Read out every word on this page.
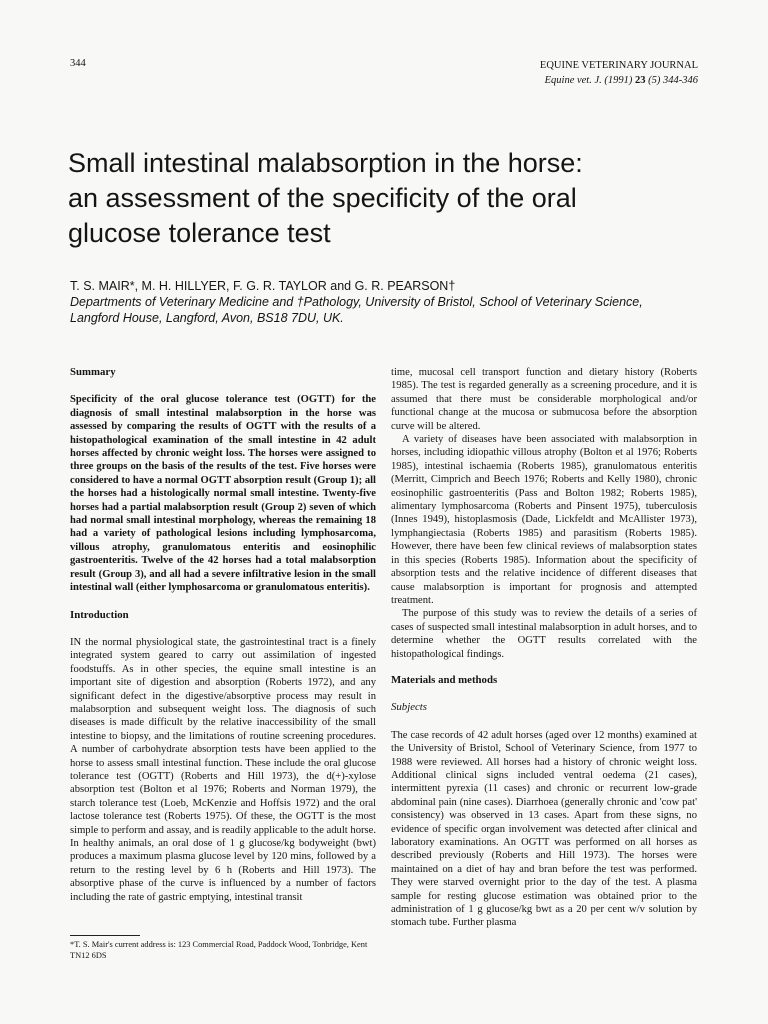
344	EQUINE VETERINARY JOURNAL
Equine vet. J. (1991) 23 (5) 344-346
Small intestinal malabsorption in the horse:
an assessment of the specificity of the oral
glucose tolerance test
T. S. MAIR*, M. H. HILLYER, F. G. R. TAYLOR and G. R. PEARSON†
Departments of Veterinary Medicine and †Pathology, University of Bristol, School of Veterinary Science,
Langford House, Langford, Avon, BS18 7DU, UK.
Summary

Specificity of the oral glucose tolerance test (OGTT) for the diagnosis of small intestinal malabsorption in the horse was assessed by comparing the results of OGTT with the results of a histopathological examination of the small intestine in 42 adult horses affected by chronic weight loss. The horses were assigned to three groups on the basis of the results of the test. Five horses were considered to have a normal OGTT absorption result (Group 1); all the horses had a histologically normal small intestine. Twenty-five horses had a partial malabsorption result (Group 2) seven of which had normal small intestinal morphology, whereas the remaining 18 had a variety of pathological lesions including lymphosarcoma, villous atrophy, granulomatous enteritis and eosinophilic gastroenteritis. Twelve of the 42 horses had a total malabsorption result (Group 3), and all had a severe infiltrative lesion in the small intestinal wall (either lymphosarcoma or granulomatous enteritis).

Introduction

IN the normal physiological state, the gastrointestinal tract is a finely integrated system geared to carry out assimilation of ingested foodstuffs. As in other species, the equine small intestine is an important site of digestion and absorption (Roberts 1972), and any significant defect in the digestive/absorptive process may result in malabsorption and subsequent weight loss. The diagnosis of such diseases is made difficult by the relative inaccessibility of the small intestine to biopsy, and the limitations of routine screening procedures. A number of carbohydrate absorption tests have been applied to the horse to assess small intestinal function. These include the oral glucose tolerance test (OGTT) (Roberts and Hill 1973), the d(+)-xylose absorption test (Bolton et al 1976; Roberts and Norman 1979), the starch tolerance test (Loeb, McKenzie and Hoffsis 1972) and the oral lactose tolerance test (Roberts 1975). Of these, the OGTT is the most simple to perform and assay, and is readily applicable to the adult horse. In healthy animals, an oral dose of 1 g glucose/kg bodyweight (bwt) produces a maximum plasma glucose level by 120 mins, followed by a return to the resting level by 6 h (Roberts and Hill 1973). The absorptive phase of the curve is influenced by a number of factors including the rate of gastric emptying, intestinal transit

*T. S. Mair's current address is: 123 Commercial Road, Paddock Wood, Tonbridge, Kent TN12 6DS

time, mucosal cell transport function and dietary history (Roberts 1985). The test is regarded generally as a screening procedure, and it is assumed that there must be considerable morphological and/or functional change at the mucosa or submucosa before the absorption curve will be altered.

A variety of diseases have been associated with malabsorption in horses, including idiopathic villous atrophy (Bolton et al 1976; Roberts 1985), intestinal ischaemia (Roberts 1985), granulomatous enteritis (Merritt, Cimprich and Beech 1976; Roberts and Kelly 1980), chronic eosinophilic gastroenteritis (Pass and Bolton 1982; Roberts 1985), alimentary lymphosarcoma (Roberts and Pinsent 1975), tuberculosis (Innes 1949), histoplasmosis (Dade, Lickfeldt and McAllister 1973), lymphangiectasia (Roberts 1985) and parasitism (Roberts 1985). However, there have been few clinical reviews of malabsorption states in this species (Roberts 1985). Information about the specificity of absorption tests and the relative incidence of different diseases that cause malabsorption is important for prognosis and attempted treatment.

The purpose of this study was to review the details of a series of cases of suspected small intestinal malabsorption in adult horses, and to determine whether the OGTT results correlated with the histopathological findings.

Materials and methods
Subjects

The case records of 42 adult horses (aged over 12 months) examined at the University of Bristol, School of Veterinary Science, from 1977 to 1988 were reviewed. All horses had a history of chronic weight loss. Additional clinical signs included ventral oedema (21 cases), intermittent pyrexia (11 cases) and chronic or recurrent low-grade abdominal pain (nine cases). Diarrhoea (generally chronic and 'cow pat' consistency) was observed in 13 cases. Apart from these signs, no evidence of specific organ involvement was detected after clinical and laboratory examinations. An OGTT was performed on all horses as described previously (Roberts and Hill 1973). The horses were maintained on a diet of hay and bran before the test was performed. They were starved overnight prior to the day of the test. A plasma sample for resting glucose estimation was obtained prior to the administration of 1 g glucose/kg bwt as a 20 per cent w/v solution by stomach tube. Further plasma
